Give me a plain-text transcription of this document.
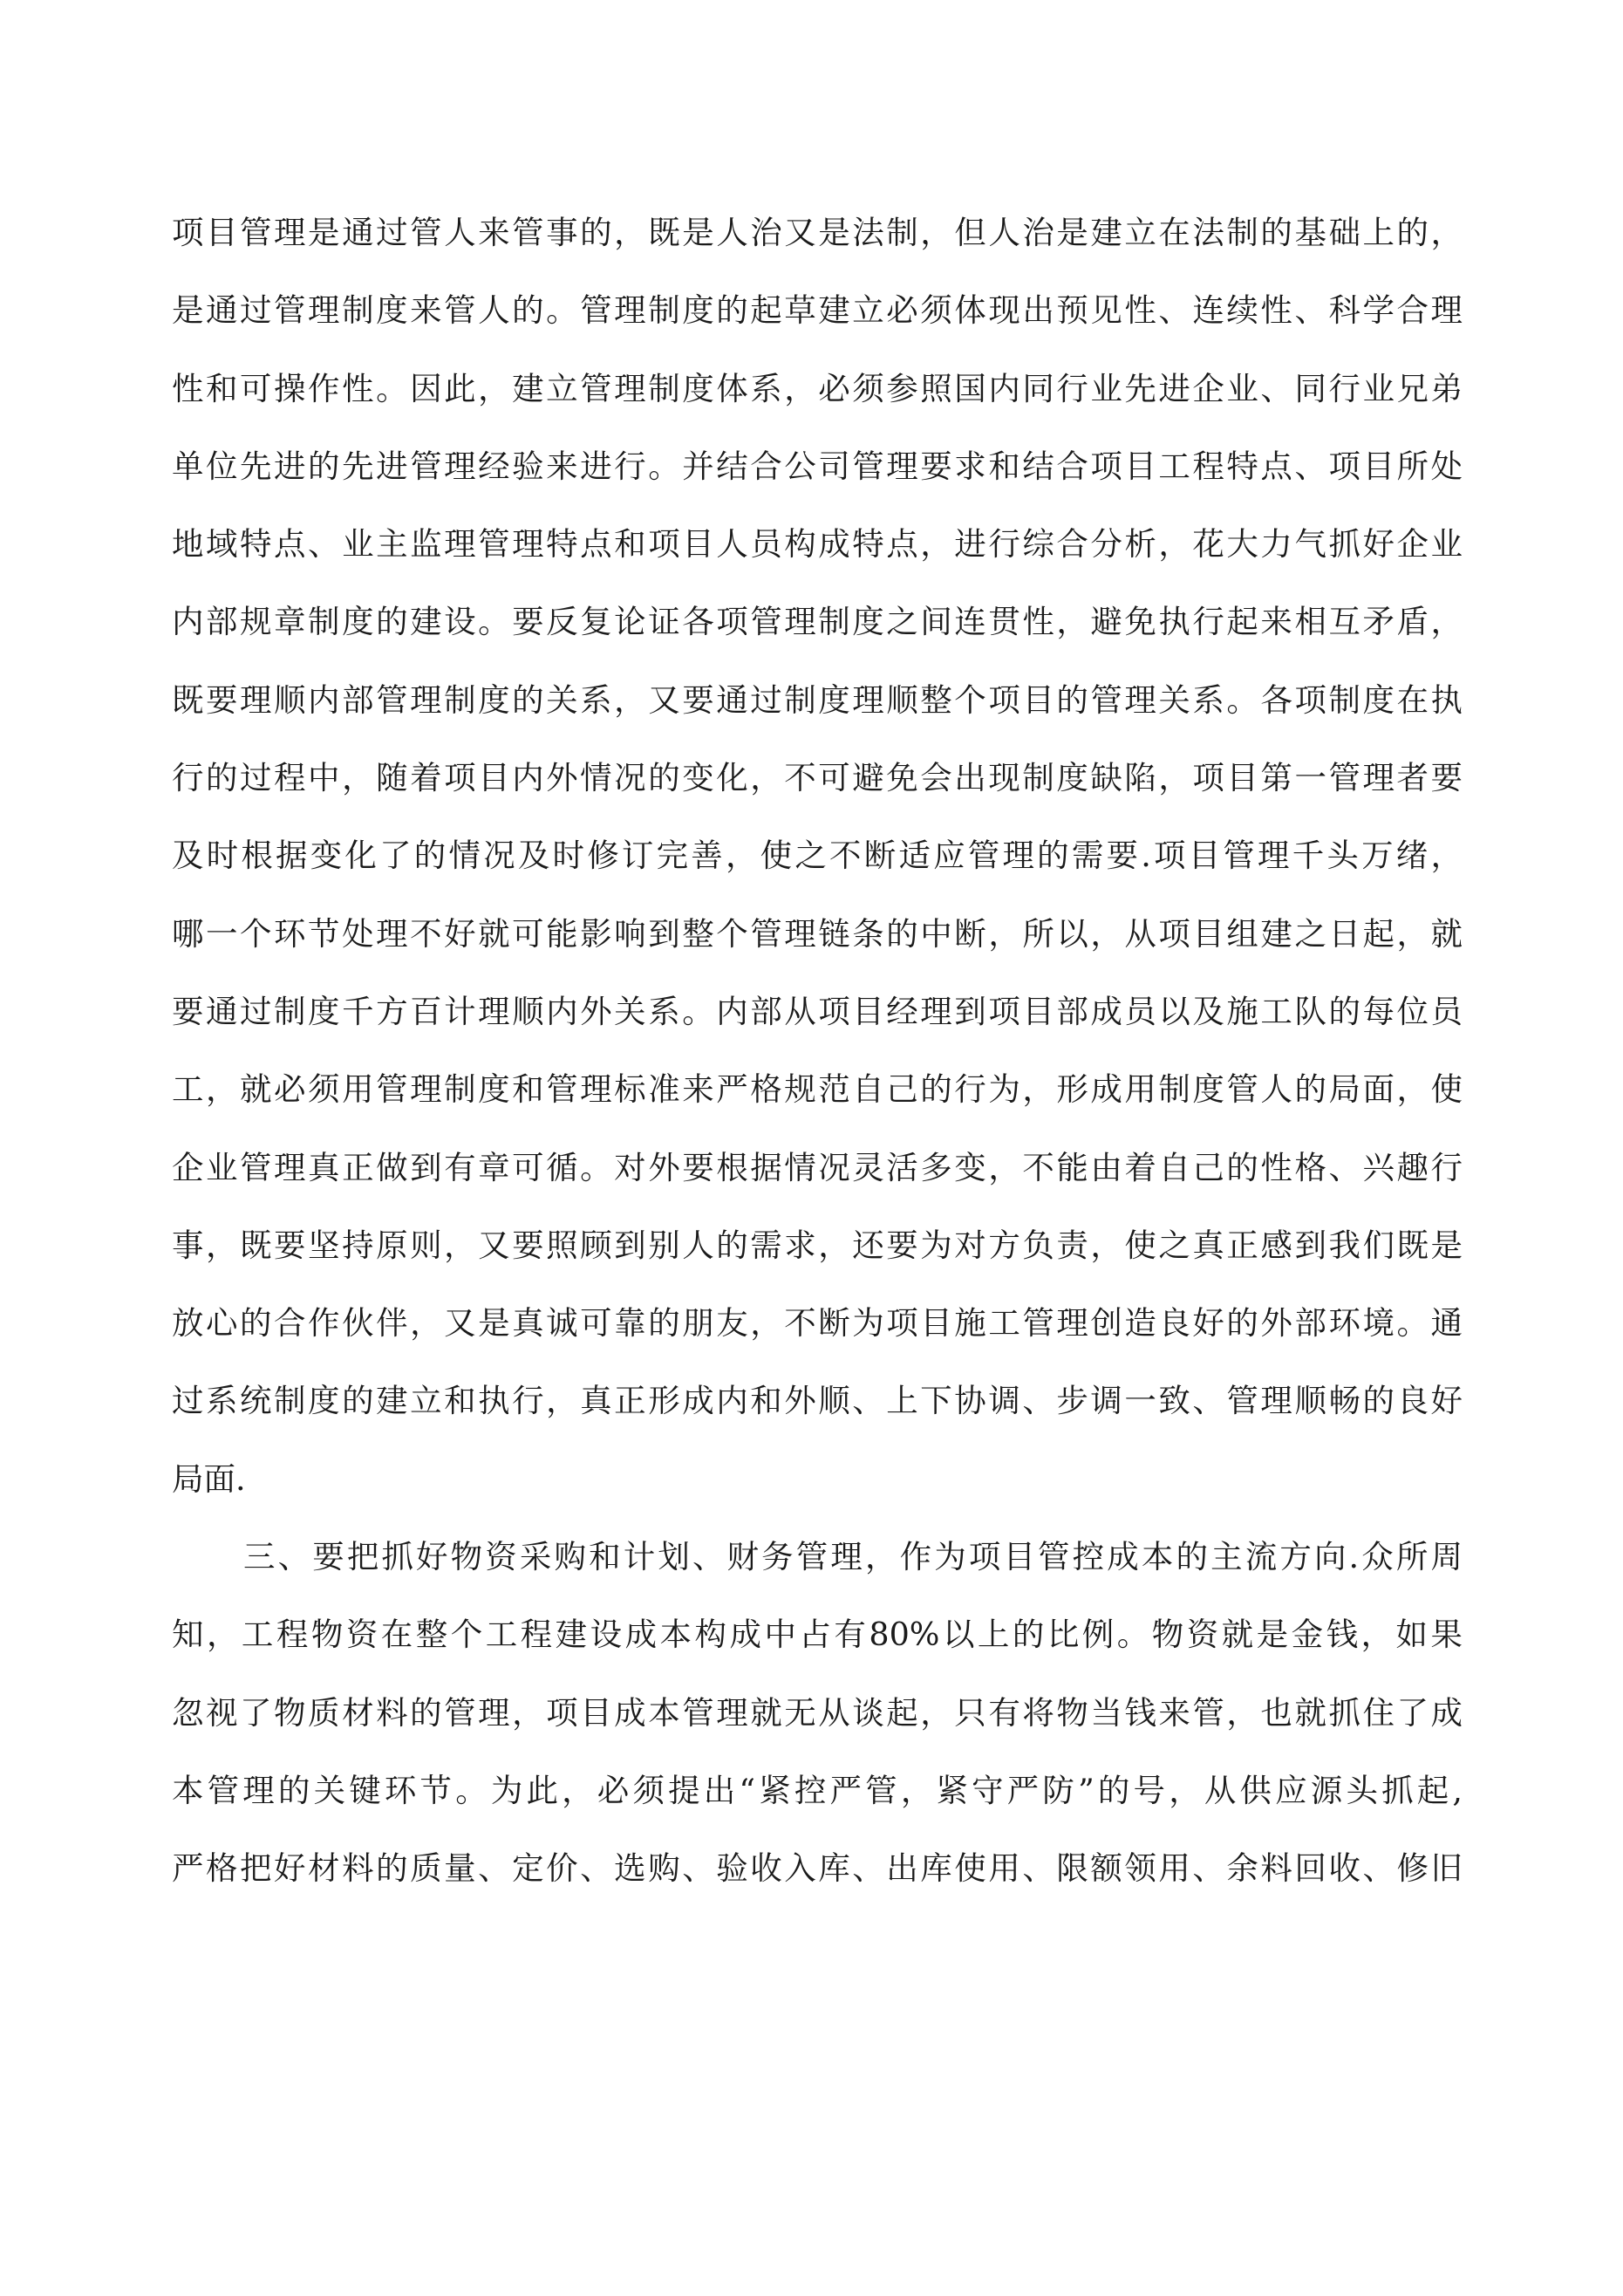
项目管理是通过管人来管事的，既是人治又是法制，但人治是建立在法制的基础上的，
是通过管理制度来管人的。管理制度的起草建立必须体现出预见性、连续性、科学合理
性和可操作性。因此，建立管理制度体系，必须参照国内同行业先进企业、同行业兄弟
单位先进的先进管理经验来进行。并结合公司管理要求和结合项目工程特点、项目所处
地域特点、业主监理管理特点和项目人员构成特点，进行综合分析，花大力气抓好企业
内部规章制度的建设。要反复论证各项管理制度之间连贯性，避免执行起来相互矛盾，
既要理顺内部管理制度的关系，又要通过制度理顺整个项目的管理关系。各项制度在执
行的过程中，随着项目内外情况的变化，不可避免会出现制度缺陷，项目第一管理者要
及时根据变化了的情况及时修订完善，使之不断适应管理的需要.项目管理千头万绪，
哪一个环节处理不好就可能影响到整个管理链条的中断，所以，从项目组建之日起，就
要通过制度千方百计理顺内外关系。内部从项目经理到项目部成员以及施工队的每位员
工，就必须用管理制度和管理标准来严格规范自己的行为，形成用制度管人的局面，使
企业管理真正做到有章可循。对外要根据情况灵活多变，不能由着自己的性格、兴趣行
事，既要坚持原则，又要照顾到别人的需求，还要为对方负责，使之真正感到我们既是
放心的合作伙伴，又是真诚可靠的朋友，不断为项目施工管理创造良好的外部环境。通
过系统制度的建立和执行，真正形成内和外顺、上下协调、步调一致、管理顺畅的良好
局面.
三、要把抓好物资采购和计划、财务管理，作为项目管控成本的主流方向.众所周
知，工程物资在整个工程建设成本构成中占有80%以上的比例。物资就是金钱，如果
忽视了物质材料的管理，项目成本管理就无从谈起，只有将物当钱来管，也就抓住了成
本管理的关键环节。为此，必须提出“紧控严管，紧守严防”的号，从供应源头抓起,
严格把好材料的质量、定价、选购、验收入库、出库使用、限额领用、余料回收、修旧
